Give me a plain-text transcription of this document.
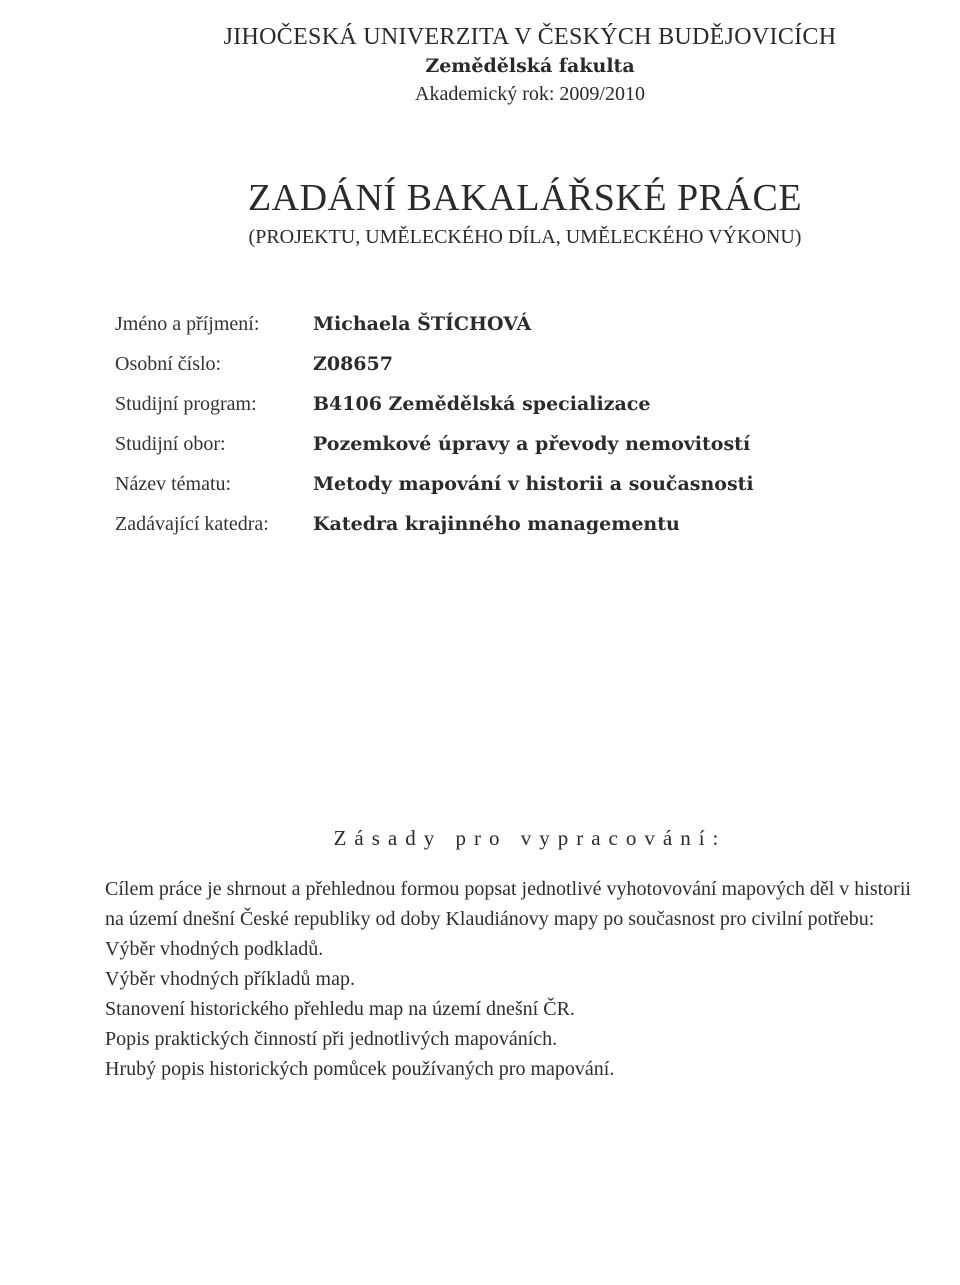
JIHOČESKÁ UNIVERZITA V ČESKÝCH BUDĚJOVICÍCH
Zemědělská fakulta
Akademický rok: 2009/2010
ZADÁNÍ BAKALÁŘSKÉ PRÁCE
(PROJEKTU, UMĚLECKÉHO DÍLA, UMĚLECKÉHO VÝKONU)
Jméno a příjmení:	Michaela ŠTÍCHOVÁ
Osobní číslo:	Z08657
Studijní program:	B4106 Zemědělská specializace
Studijní obor:	Pozemkové úpravy a převody nemovitostí
Název tématu:	Metody mapování v historii a současnosti
Zadávající katedra:	Katedra krajinného managementu
Zásady pro vypracování:

Cílem práce je shrnout a přehlednou formou popsat jednotlivé vyhotovování mapových děl v historii na území dnešní České republiky od doby Klaudiánovy mapy po současnost pro civilní potřebu:

Výběr vhodných podkladů.

Výběr vhodných příkladů map.

Stanovení historického přehledu map na území dnešní ČR.

Popis praktických činností při jednotlivých mapováních.

Hrubý popis historických pomůcek používaných pro mapování.
